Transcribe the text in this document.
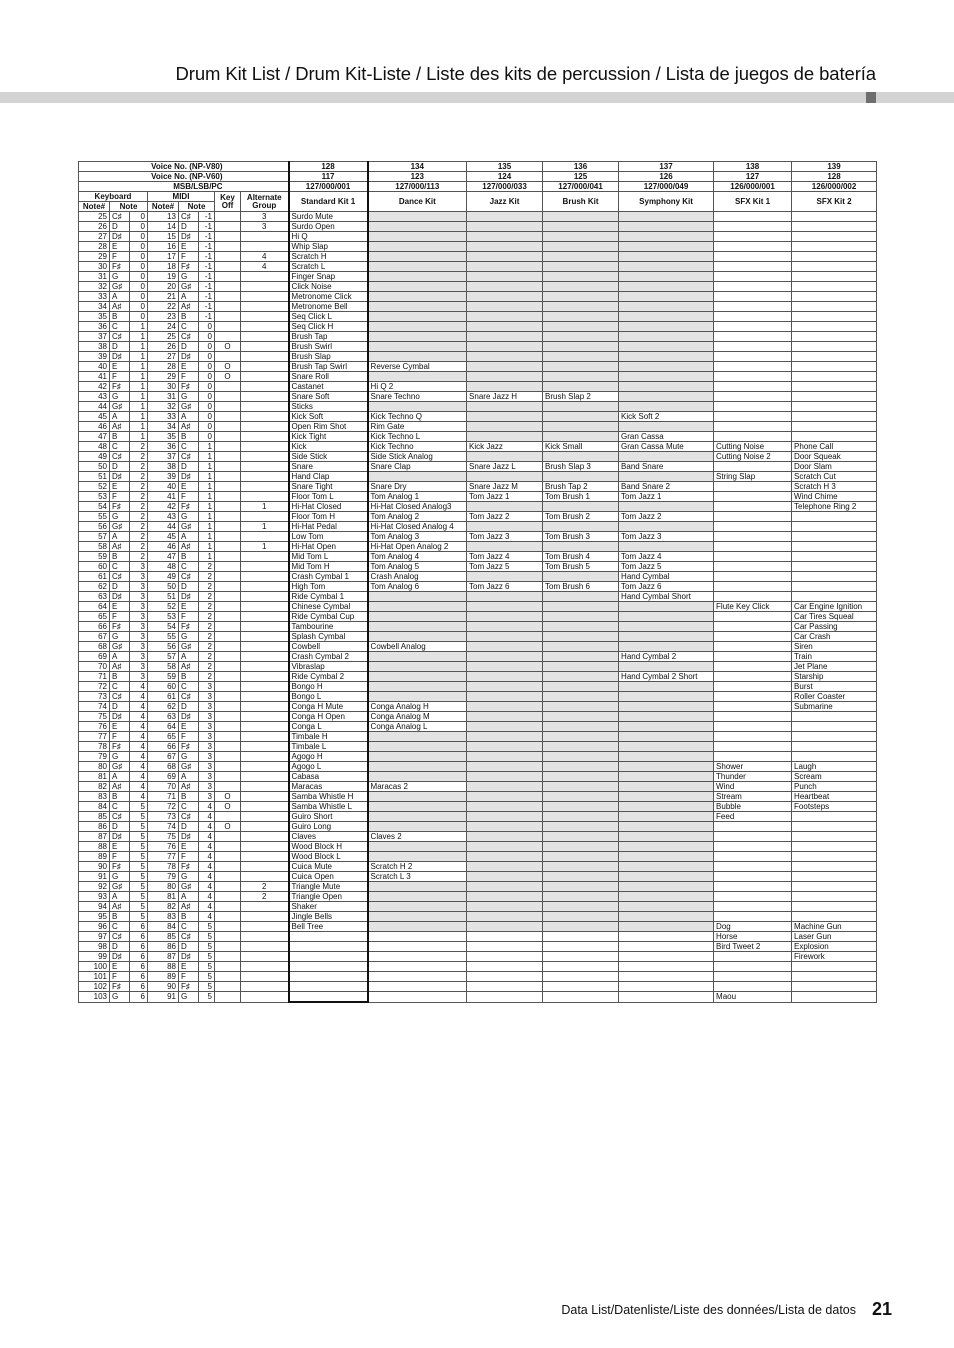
Drum Kit List / Drum Kit-Liste / Liste des kits de percussion / Lista de juegos de batería
Voice No. (NP-V80)								128	134	135	136	137	138	139
Voice No. (NP-V60)								117	123	124	125	126	127	128
MSB/LSB/PC								127/000/001	127/000/113	127/000/033	127/000/041	127/000/049	126/000/001	126/000/002
Keyboard			MIDI			Key Off	Alternate Group	Standard Kit 1	Dance Kit	Jazz Kit	Brush Kit	Symphony Kit	SFX Kit 1	SFX Kit 2
Note#	Note		Note#	Note										
25	C♯	0	13	C♯	-1		3	Surdo Mute						
26	D	0	14	D	-1		3	Surdo Open						
27	D♯	0	15	D♯	-1			Hi Q						
28	E	0	16	E	-1			Whip Slap						
29	F	0	17	F	-1		4	Scratch H						
30	F♯	0	18	F♯	-1		4	Scratch L						
31	G	0	19	G	-1			Finger Snap						
32	G♯	0	20	G♯	-1			Click Noise						
33	A	0	21	A	-1			Metronome Click						
34	A♯	0	22	A♯	-1			Metronome Bell						
35	B	0	23	B	-1			Seq Click L						
36	C	1	24	C	0			Seq Click H						
37	C♯	1	25	C♯	0			Brush Tap						
38	D	1	26	D	0	O		Brush Swirl						
39	D♯	1	27	D♯	0			Brush Slap						
40	E	1	28	E	0	O		Brush Tap Swirl	Reverse Cymbal					
41	F	1	29	F	0	O		Snare Roll						
42	F♯	1	30	F♯	0			Castanet	Hi Q 2					
43	G	1	31	G	0			Snare Soft	Snare Techno	Snare Jazz H	Brush Slap 2			
44	G♯	1	32	G♯	0			Sticks						
45	A	1	33	A	0			Kick Soft	Kick Techno Q			Kick Soft 2		
46	A♯	1	34	A♯	0			Open Rim Shot	Rim Gate					
47	B	1	35	B	0			Kick Tight	Kick Techno L			Gran Cassa		
48	C	2	36	C	1			Kick	Kick Techno	Kick Jazz	Kick Small	Gran Cassa Mute	Cutting Noise	Phone Call
49	C♯	2	37	C♯	1			Side Stick	Side Stick Analog				Cutting Noise 2	Door Squeak
50	D	2	38	D	1			Snare	Snare Clap	Snare Jazz L	Brush Slap 3	Band Snare		Door Slam
51	D♯	2	39	D♯	1			Hand Clap					String Slap	Scratch Cut
52	E	2	40	E	1			Snare Tight	Snare Dry	Snare Jazz M	Brush Tap 2	Band Snare 2		Scratch H 3
53	F	2	41	F	1			Floor Tom L	Tom Analog 1	Tom Jazz 1	Tom Brush 1	Tom Jazz 1		Wind Chime
54	F♯	2	42	F♯	1		1	Hi-Hat Closed	Hi-Hat Closed Analog3					Telephone Ring 2
55	G	2	43	G	1			Floor Tom H	Tom Analog 2	Tom Jazz 2	Tom Brush 2	Tom Jazz 2		
56	G♯	2	44	G♯	1		1	Hi-Hat Pedal	Hi-Hat Closed Analog 4					
57	A	2	45	A	1			Low Tom	Tom Analog 3	Tom Jazz 3	Tom Brush 3	Tom Jazz 3		
58	A♯	2	46	A♯	1		1	Hi-Hat Open	Hi-Hat Open Analog 2					
59	B	2	47	B	1			Mid Tom L	Tom Analog 4	Tom Jazz 4	Tom Brush 4	Tom Jazz 4		
60	C	3	48	C	2			Mid Tom H	Tom Analog 5	Tom Jazz 5	Tom Brush 5	Tom Jazz 5		
61	C♯	3	49	C♯	2			Crash Cymbal 1	Crash Analog			Hand Cymbal		
62	D	3	50	D	2			High Tom	Tom Analog 6	Tom Jazz 6	Tom Brush 6	Tom Jazz 6		
63	D♯	3	51	D♯	2			Ride Cymbal 1				Hand Cymbal Short		
64	E	3	52	E	2			Chinese Cymbal					Flute Key Click	Car Engine Ignition
65	F	3	53	F	2			Ride Cymbal Cup						Car Tires Squeal
66	F♯	3	54	F♯	2			Tambourine						Car Passing
67	G	3	55	G	2			Splash Cymbal						Car Crash
68	G♯	3	56	G♯	2			Cowbell	Cowbell Analog					Siren
69	A	3	57	A	2			Crash Cymbal 2				Hand Cymbal 2		Train
70	A♯	3	58	A♯	2			Vibraslap						Jet Plane
71	B	3	59	B	2			Ride Cymbal 2				Hand Cymbal 2 Short		Starship
72	C	4	60	C	3			Bongo H						Burst
73	C♯	4	61	C♯	3			Bongo L						Roller Coaster
74	D	4	62	D	3			Conga H Mute	Conga Analog H					Submarine
75	D♯	4	63	D♯	3			Conga H Open	Conga Analog M					
76	E	4	64	E	3			Conga L	Conga Analog L					
77	F	4	65	F	3			Timbale H						
78	F♯	4	66	F♯	3			Timbale L						
79	G	4	67	G	3			Agogo H						
80	G♯	4	68	G♯	3			Agogo L					Shower	Laugh
81	A	4	69	A	3			Cabasa					Thunder	Scream
82	A♯	4	70	A♯	3			Maracas	Maracas 2				Wind	Punch
83	B	4	71	B	3	O		Samba Whistle H					Stream	Heartbeat
84	C	5	72	C	4	O		Samba Whistle L					Bubble	Footsteps
85	C♯	5	73	C♯	4			Guiro Short					Feed	
86	D	5	74	D	4	O		Guiro Long						
87	D♯	5	75	D♯	4			Claves	Claves 2					
88	E	5	76	E	4			Wood Block H						
89	F	5	77	F	4			Wood Block L						
90	F♯	5	78	F♯	4			Cuica Mute	Scratch H 2					
91	G	5	79	G	4			Cuica Open	Scratch L 3					
92	G♯	5	80	G♯	4		2	Triangle Mute						
93	A	5	81	A	4		2	Triangle Open						
94	A♯	5	82	A♯	4			Shaker						
95	B	5	83	B	4			Jingle Bells						
96	C	6	84	C	5			Bell Tree					Dog	Machine Gun
97	C♯	6	85	C♯	5								Horse	Laser Gun
98	D	6	86	D	5								Bird Tweet 2	Explosion
99	D♯	6	87	D♯	5									Firework
100	E	6	88	E	5									
101	F	6	89	F	5									
102	F♯	6	90	F♯	5									
103	G	6	91	G	5								Maou	
Data List/Datenliste/Liste des données/Lista de datos 21
